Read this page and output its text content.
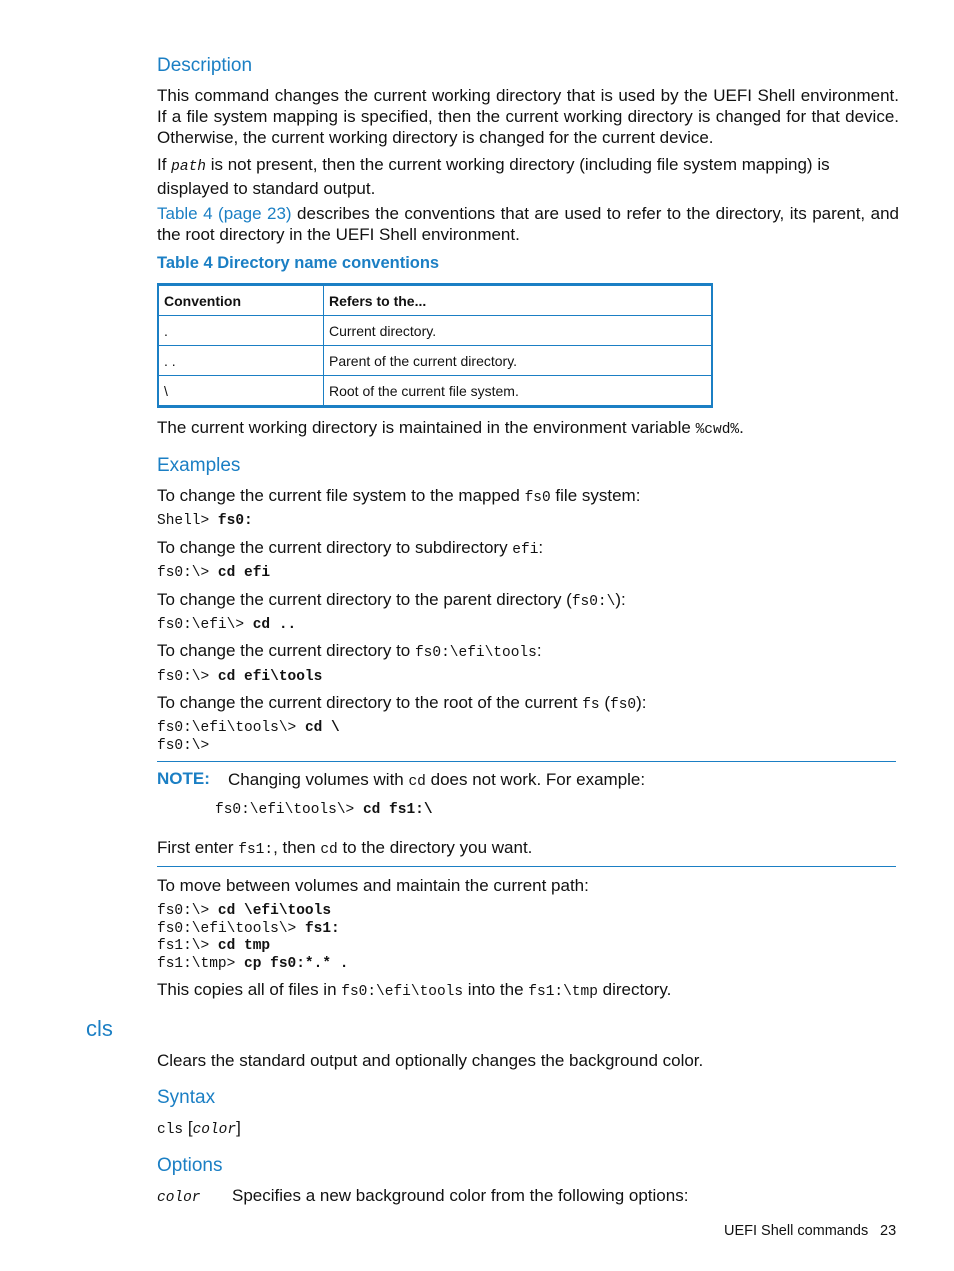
Description
This command changes the current working directory that is used by the UEFI Shell environment. If a file system mapping is specified, then the current working directory is changed for that device. Otherwise, the current working directory is changed for the current device.
If path is not present, then the current working directory (including file system mapping) is displayed to standard output.
Table 4 (page 23) describes the conventions that are used to refer to the directory, its parent, and the root directory in the UEFI Shell environment.
Table 4 Directory name conventions
Convention	Refers to the...
.	Current directory.
. .	Parent of the current directory.
\	Root of the current file system.
The current working directory is maintained in the environment variable %cwd%.
Examples
To change the current file system to the mapped fs0 file system:
Shell> fs0:
To change the current directory to subdirectory efi:
fs0:\> cd efi
To change the current directory to the parent directory (fs0:\):
fs0:\efi\> cd ..
To change the current directory to fs0:\efi\tools:
fs0:\> cd efi\tools
To change the current directory to the root of the current fs (fs0):
fs0:\efi\tools\> cd \
fs0:\>
NOTE: Changing volumes with cd does not work. For example:
fs0:\efi\tools\> cd fs1:\
First enter fs1:, then cd to the directory you want.
To move between volumes and maintain the current path:
fs0:\> cd \efi\tools
fs0:\efi\tools\> fs1:
fs1:\> cd tmp
fs1:\tmp> cp fs0:*.* .
This copies all of files in fs0:\efi\tools into the fs1:\tmp directory.
cls
Clears the standard output and optionally changes the background color.
Syntax
cls [color]
Options
color Specifies a new background color from the following options:
UEFI Shell commands 23
